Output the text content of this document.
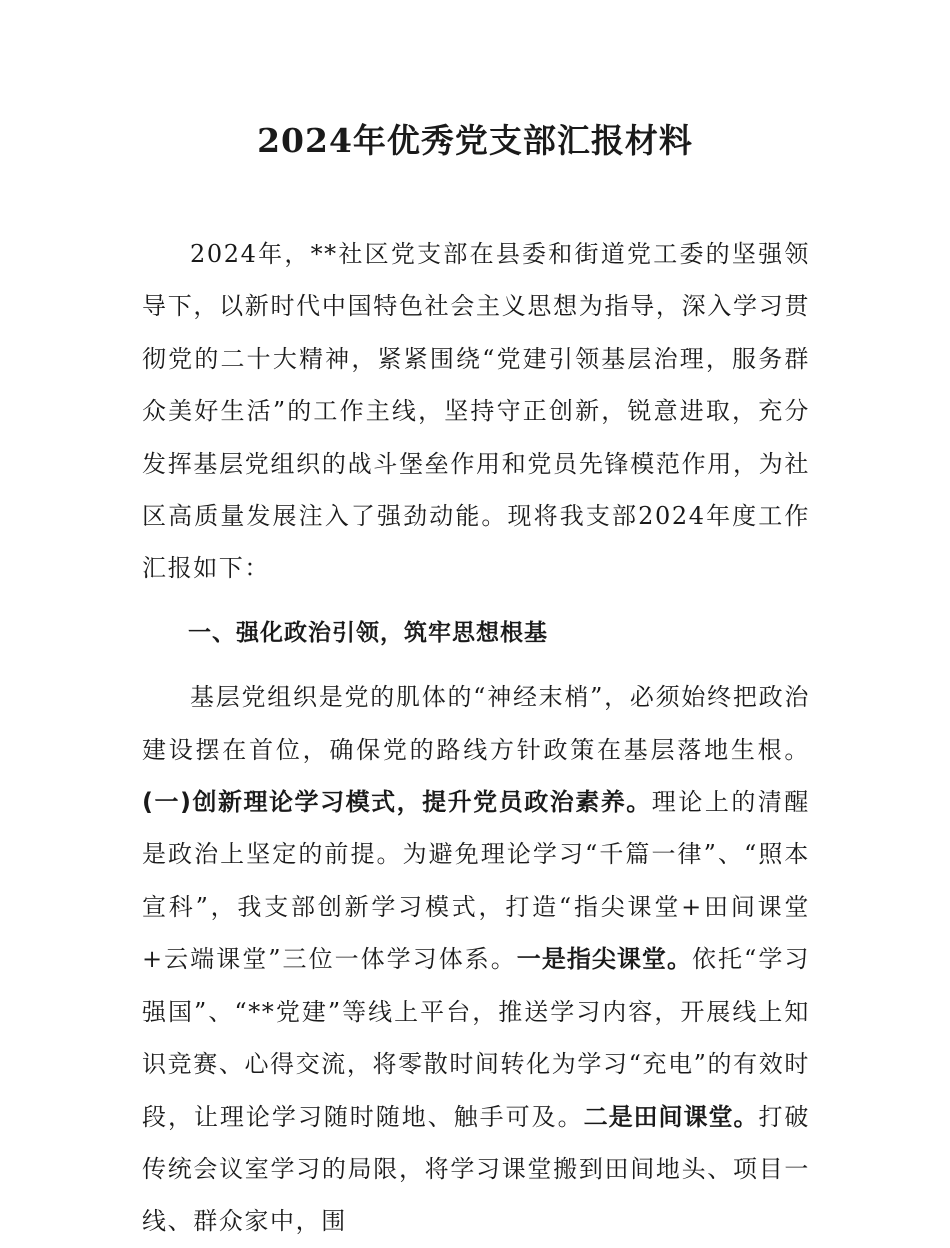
2024年优秀党支部汇报材料

2024年，**社区党支部在县委和街道党工委的坚强领导下，以新时代中国特色社会主义思想为指导，深入学习贯彻党的二十大精神，紧紧围绕“党建引领基层治理，服务群众美好生活”的工作主线，坚持守正创新，锐意进取，充分发挥基层党组织的战斗堡垒作用和党员先锋模范作用，为社区高质量发展注入了强劲动能。现将我支部2024年度工作汇报如下：

一、强化政治引领，筑牢思想根基

基层党组织是党的肌体的“神经末梢”，必须始终把政治建设摆在首位，确保党的路线方针政策在基层落地生根。(一)创新理论学习模式，提升党员政治素养。理论上的清醒是政治上坚定的前提。为避免理论学习“千篇一律”、“照本宣科”，我支部创新学习模式，打造“指尖课堂+田间课堂+云端课堂”三位一体学习体系。一是指尖课堂。依托“学习强国”、“**党建”等线上平台，推送学习内容，开展线上知识竞赛、心得交流，将零散时间转化为学习“充电”的有效时段，让理论学习随时随地、触手可及。二是田间课堂。打破传统会议室学习的局限，将学习课堂搬到田间地头、项目一线、群众家中，围
